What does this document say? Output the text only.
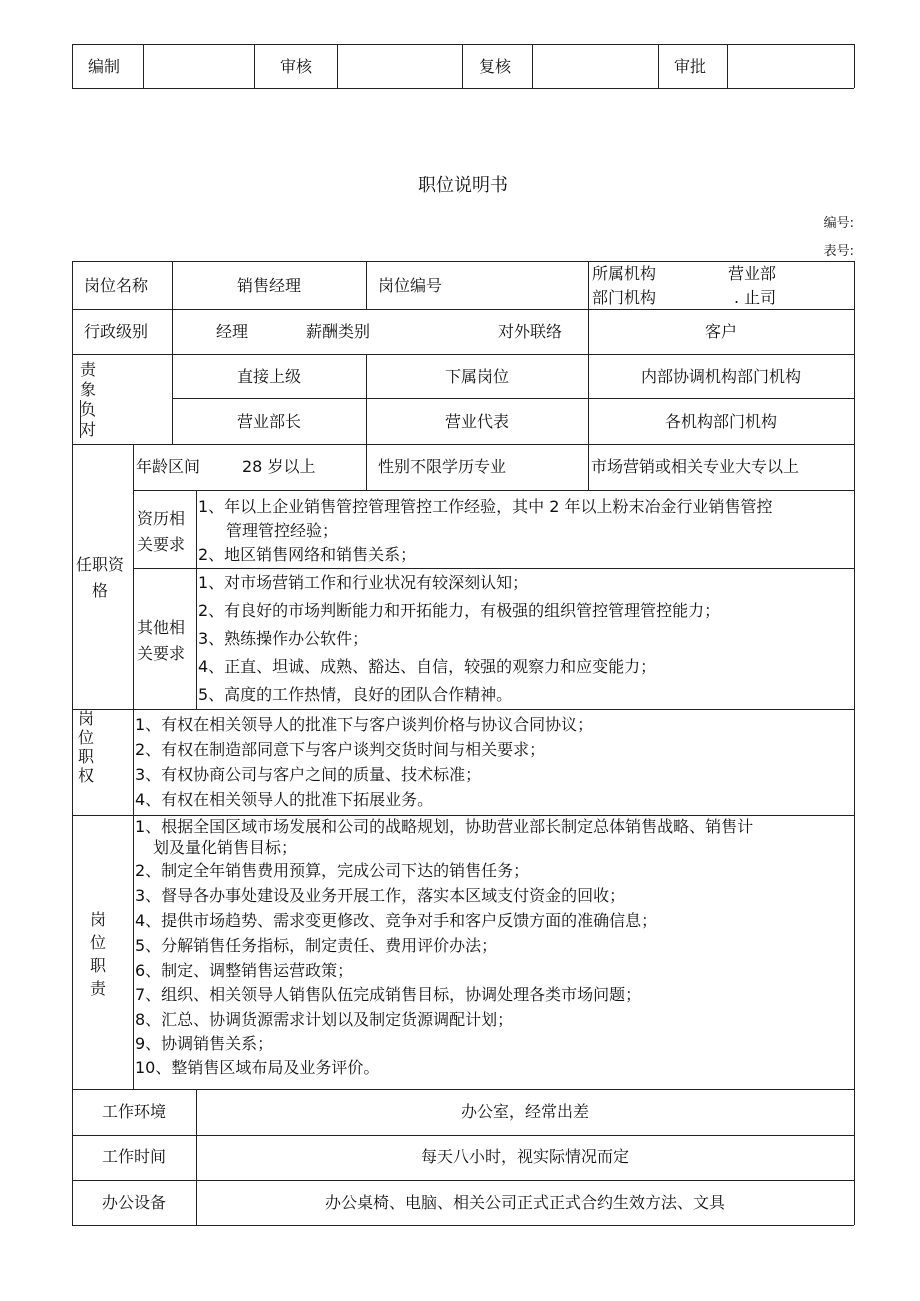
编制	审核	复核	审批
职位说明书
编号:
表号:
岗位名称	销售经理	岗位编号
所属机构	营业部
部门机构	. 止司
行政级别	经理	薪酬类别	对外联络	客户
责
象
负
对
直接上级	下属岗位	内部协调机构部门机构
营业部长	营业代表	各机构部门机构
任职资
格
年龄区间	28 岁以上	性别不限学历专业	市场营销或相关专业大专以上
资历相
关要求
1、年以上企业销售管控管理管控工作经验，其中 2 年以上粉末冶金行业销售管控
管理管控经验；
2、地区销售网络和销售关系；
其他相
关要求
1、对市场营销工作和行业状况有较深刻认知；
2、有良好的市场判断能力和开拓能力，有极强的组织管控管理管控能力；
3、熟练操作办公软件；
4、正直、坦诚、成熟、豁达、自信，较强的观察力和应变能力；
5、高度的工作热情，良好的团队合作精神。
岗
位
职
权
1、有权在相关领导人的批准下与客户谈判价格与协议合同协议；
2、有权在制造部同意下与客户谈判交货时间与相关要求；
3、有权协商公司与客户之间的质量、技术标准；
4、有权在相关领导人的批准下拓展业务。
岗
位
职
责
1、根据全国区域市场发展和公司的战略规划，协助营业部长制定总体销售战略、销售计
划及量化销售目标；
2、制定全年销售费用预算，完成公司下达的销售任务；
3、督导各办事处建设及业务开展工作，落实本区域支付资金的回收；
4、提供市场趋势、需求变更修改、竞争对手和客户反馈方面的准确信息；
5、分解销售任务指标，制定责任、费用评价办法；
6、制定、调整销售运营政策；
7、组织、相关领导人销售队伍完成销售目标，协调处理各类市场问题；
8、汇总、协调货源需求计划以及制定货源调配计划；
9、协调销售关系；
10、整销售区域布局及业务评价。
工作环境	办公室，经常出差
工作时间	每天八小时，视实际情况而定
办公设备	办公桌椅、电脑、相关公司正式正式合约生效方法、文具
